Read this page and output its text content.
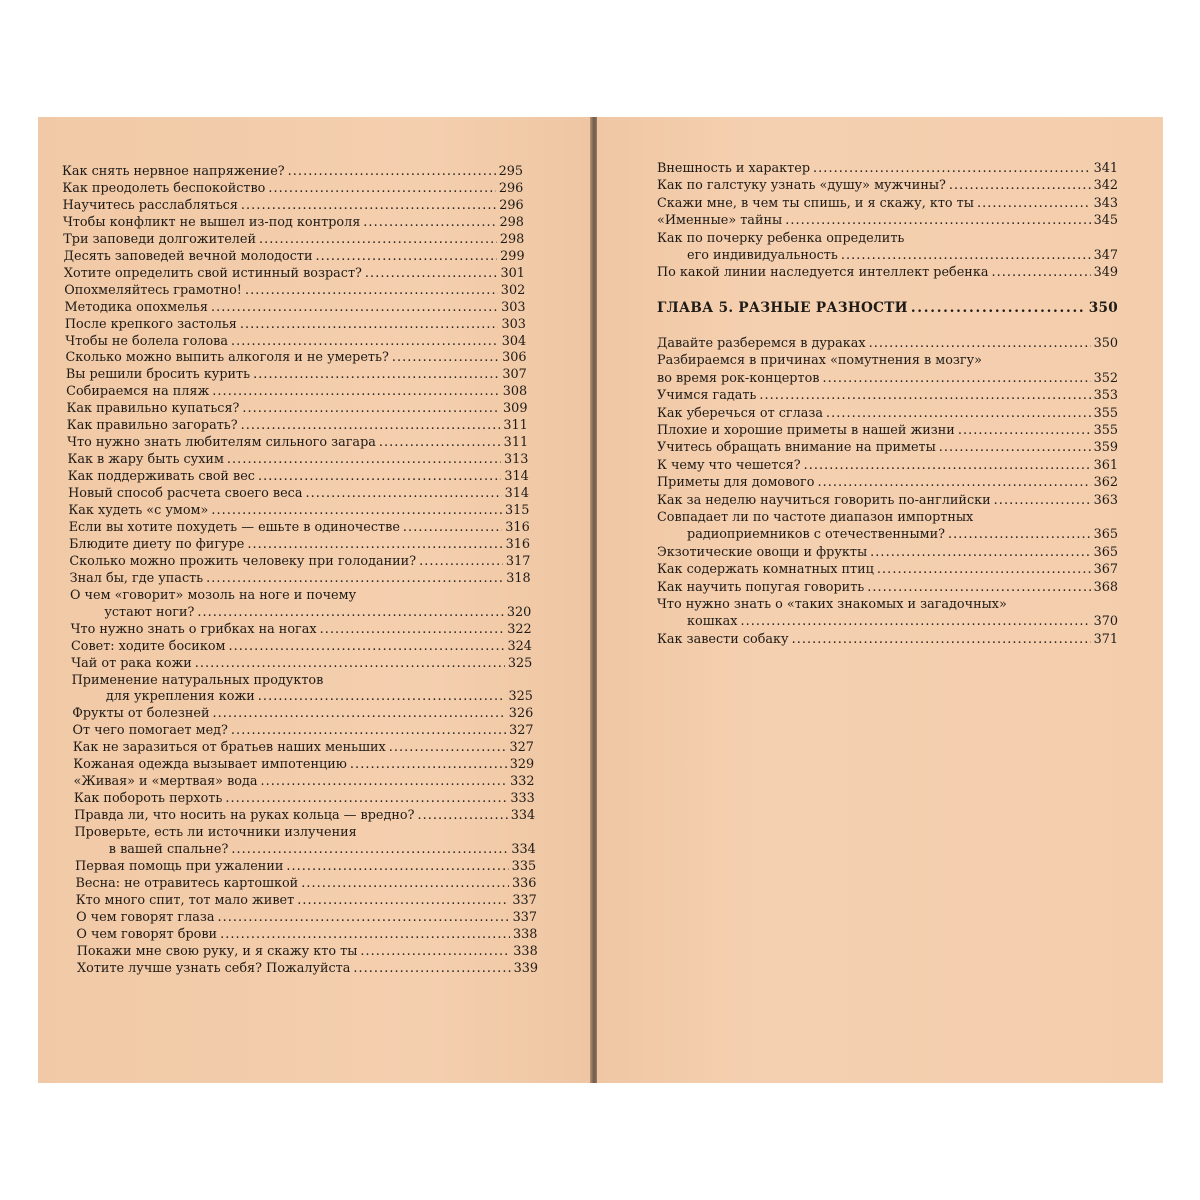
Как снять нервное напряжение? . . .	295
Как преодолеть беспокойство . . .	296
Научитесь расслабляться . . .	296
Чтобы конфликт не вышел из-под контроля . . .	298
Три заповеди долгожителей . . .	298
Десять заповедей вечной молодости . . .	299
Хотите определить свой истинный возраст? . . .	301
Опохмеляйтесь грамотно! . . .	302
Методика опохмелья . . .	303
После крепкого застолья . . .	303
Чтобы не болела голова . . .	304
Сколько можно выпить алкоголя и не умереть? . . .	306
Вы решили бросить курить . . .	307
Собираемся на пляж . . .	308
Как правильно купаться? . . .	309
Как правильно загорать? . . .	311
Что нужно знать любителям сильного загара . . .	311
Как в жару быть сухим . . .	313
Как поддерживать свой вес . . .	314
Новый способ расчета своего веса . . .	314
Как худеть «с умом» . . .	315
Если вы хотите похудеть — ешьте в одиночестве . . .	316
Блюдите диету по фигуре . . .	316
Сколько можно прожить человеку при голодании? . . .	317
Знал бы, где упасть . . .	318
О чем «говорит» мозоль на ноге и почему
устают ноги? . . .	320
Что нужно знать о грибках на ногах . . .	322
Совет: ходите босиком . . .	324
Чай от рака кожи . . .	325
Применение натуральных продуктов
для укрепления кожи . . .	325
Фрукты от болезней . . .	326
От чего помогает мед? . . .	327
Как не заразиться от братьев наших меньших . . .	327
Кожаная одежда вызывает импотенцию . . .	329
«Живая» и «мертвая» вода . . .	332
Как побороть перхоть . . .	333
Правда ли, что носить на руках кольца — вредно? . . .	334
Проверьте, есть ли источники излучения
в вашей спальне? . . .	334
Первая помощь при ужалении . . .	335
Весна: не отравитесь картошкой . . .	336
Кто много спит, тот мало живет . . .	337
О чем говорят глаза . . .	337
О чем говорят брови . . .	338
Покажи мне свою руку, и я скажу кто ты . . .	338
Хотите лучше узнать себя? Пожалуйста . . .	339
Внешность и характер . . .	341
Как по галстуку узнать «душу» мужчины? . . .	342
Скажи мне, в чем ты спишь, и я скажу, кто ты . . .	343
«Именные» тайны . . .	345
Как по почерку ребенка определить
его индивидуальность . . .	347
По какой линии наследуется интеллект ребенка . . .	349
ГЛАВА 5. РАЗНЫЕ РАЗНОСТИ . . .	350
Давайте разберемся в дураках . . .	350
Разбираемся в причинах «помутнения в мозгу»
во время рок-концертов . . .	352
Учимся гадать . . .	353
Как уберечься от сглаза . . .	355
Плохие и хорошие приметы в нашей жизни . . .	355
Учитесь обращать внимание на приметы . . .	359
К чему что чешется? . . .	361
Приметы для домового . . .	362
Как за неделю научиться говорить по-английски . . .	363
Совпадает ли по частоте диапазон импортных
радиоприемников с отечественными? . . .	365
Экзотические овощи и фрукты . . .	365
Как содержать комнатных птиц . . .	367
Как научить попугая говорить . . .	368
Что нужно знать о «таких знакомых и загадочных»
кошках . . .	370
Как завести собаку . . .	371
